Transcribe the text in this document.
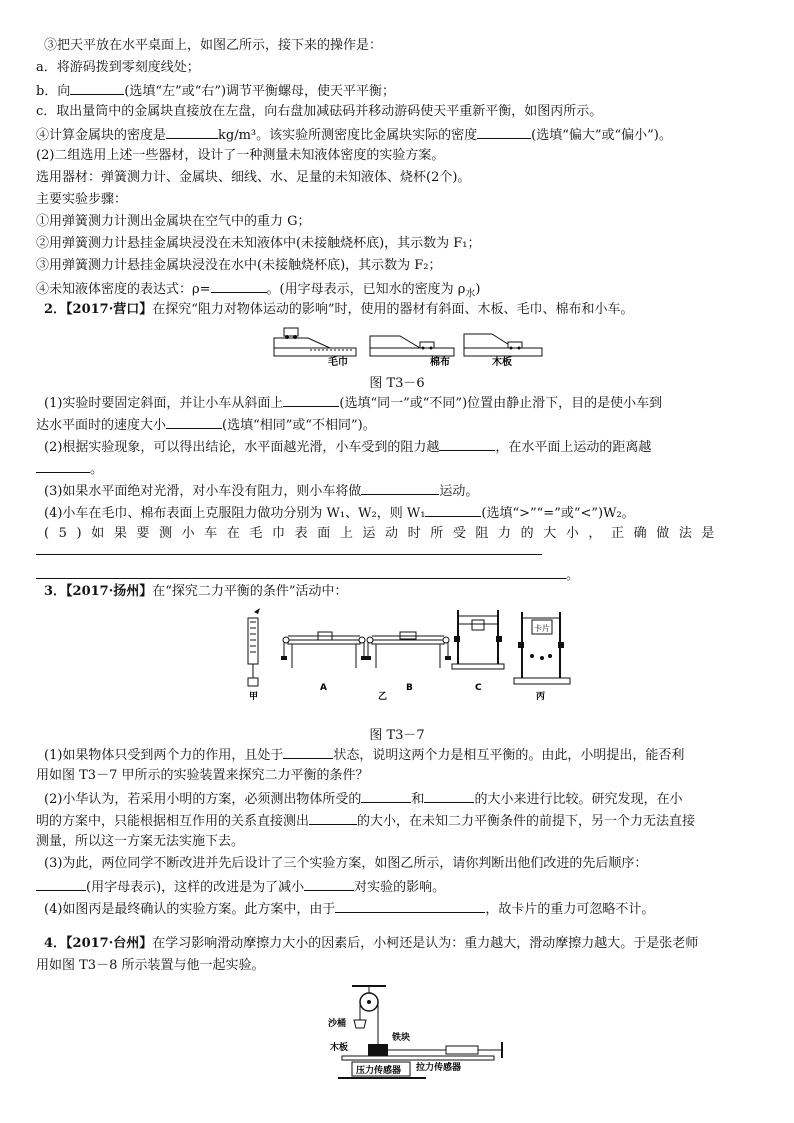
③把天平放在水平桌面上，如图乙所示，接下来的操作是：
a．将游码拨到零刻度线处；
b．向	(选填“左”或“右”)调节平衡螺母，使天平平衡；
c．取出量筒中的金属块直接放在左盘，向右盘加减砝码并移动游码使天平重新平衡，如图丙所示。
④计算金属块的密度是	kg/m³。该实验所测密度比金属块实际的密度	(选填“偏大”或“偏小”)。
(2)二组选用上述一些器材，设计了一种测量未知液体密度的实验方案。
选用器材：弹簧测力计、金属块、细线、水、足量的未知液体、烧杯(2个)。
主要实验步骤：
①用弹簧测力计测出金属块在空气中的重力 G；
②用弹簧测力计悬挂金属块浸没在未知液体中(未接触烧杯底)，其示数为 F₁；
③用弹簧测力计悬挂金属块浸没在水中(未接触烧杯底)，其示数为 F₂；
④未知液体密度的表达式：ρ=	。(用字母表示，已知水的密度为 $\rho_水$)
2．【2017·营口】在探究“阻力对物体运动的影响”时，使用的器材有斜面、木板、毛巾、棉布和小车。
毛巾	棉布	木板
图 T3－6
(1)实验时要固定斜面，并让小车从斜面上	(选填“同一”或“不同”)位置由静止滑下，目的是使小车到
达水平面时的速度大小	(选填“相同”或“不相同”)。
(2)根据实验现象，可以得出结论，水平面越光滑，小车受到的阻力越	，在水平面上运动的距离越
。
(3)如果水平面绝对光滑，对小车没有阻力，则小车将做	运动。
(4)小车在毛巾、棉布表面上克服阻力做功分别为 W₁、W₂，则 W₁	(选填“>”“=”或“<”)W₂。
(5)如果要测小车在毛巾表面上运动时所受阻力的大小，正确做法是
。
3．【2017·扬州】在“探究二力平衡的条件”活动中：
卡片
甲
A
乙
B	C
丙
图 T3－7
(1)如果物体只受到两个力的作用，且处于	状态，说明这两个力是相互平衡的。由此，小明提出，能否利
用如图 T3－7 甲所示的实验装置来探究二力平衡的条件？
(2)小华认为，若采用小明的方案，必须测出物体所受的	和	的大小来进行比较。研究发现，在小
明的方案中，只能根据相互作用的关系直接测出	的大小，在未知二力平衡条件的前提下，另一个力无法直接
测量，所以这一方案无法实施下去。
(3)为此，两位同学不断改进并先后设计了三个实验方案，如图乙所示，请你判断出他们改进的先后顺序：
(用字母表示)，这样的改进是为了减小	对实验的影响。
(4)如图丙是最终确认的实验方案。此方案中，由于	，故卡片的重力可忽略不计。
4．【2017·台州】在学习影响滑动摩擦力大小的因素后，小柯还是认为：重力越大，滑动摩擦力越大。于是张老师
用如图 T3－8 所示装置与他一起实验。
沙桶
铁块
木板
拉力传感器
压力传感器
